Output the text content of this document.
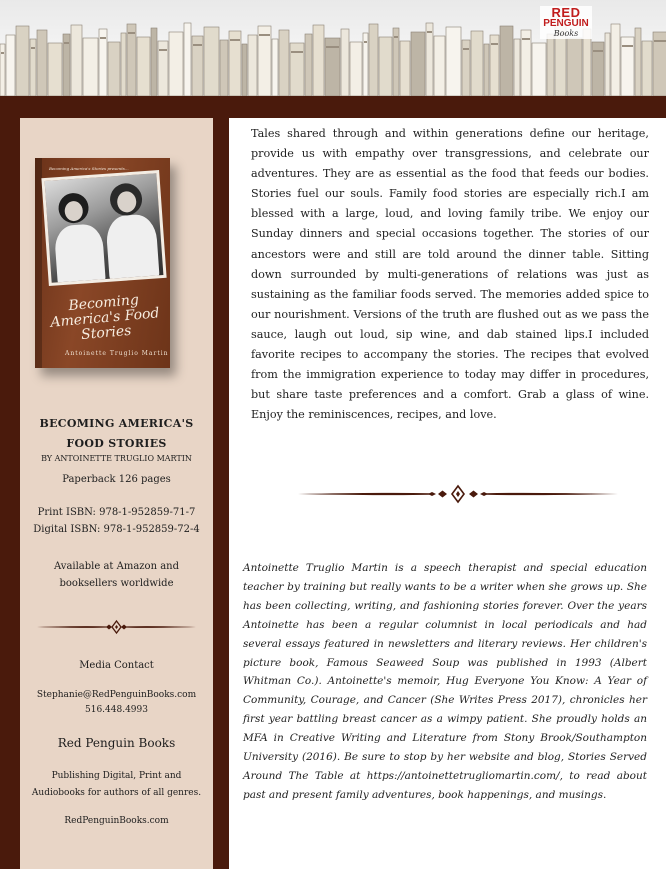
RED
PENGUIN
Books
Becoming America's Stories presents...
Becoming America's Food Stories
Antoinette Truglio Martin
BECOMING AMERICA'S FOOD STORIES
BY ANTOINETTE TRUGLIO MARTIN
Paperback 126 pages
Print ISBN: 978-1-952859-71-7
Digital ISBN: 978-1-952859-72-4
Available at Amazon and booksellers worldwide
Media Contact
Stephanie@RedPenguinBooks.com
516.448.4993
Red Penguin Books
Publishing Digital, Print and Audiobooks for authors of all genres.
RedPenguinBooks.com
Tales shared through and within generations define our heritage, provide us with empathy over transgressions, and celebrate our adventures. They are as essential as the food that feeds our bodies. Stories fuel our souls. Family food stories are especially rich.I am blessed with a large, loud, and loving family tribe. We enjoy our Sunday dinners and special occasions together. The stories of our ancestors were and still are told around the dinner table. Sitting down surrounded by multi-generations of relations was just as sustaining as the familiar foods served. The memories added spice to our nourishment. Versions of the truth are flushed out as we pass the sauce, laugh out loud, sip wine, and dab stained lips.I included favorite recipes to accompany the stories. The recipes that evolved from the immigration experience to today may differ in procedures, but share taste preferences and a comfort. Grab a glass of wine. Enjoy the reminiscences, recipes, and love.
Antoinette Truglio Martin is a speech therapist and special education teacher by training but really wants to be a writer when she grows up. She has been collecting, writing, and fashioning stories forever. Over the years Antoinette has been a regular columnist in local periodicals and had several essays featured in newsletters and literary reviews. Her children's picture book, Famous Seaweed Soup was published in 1993 (Albert Whitman Co.). Antoinette's memoir, Hug Everyone You Know: A Year of Community, Courage, and Cancer (She Writes Press 2017), chronicles her first year battling breast cancer as a wimpy patient. She proudly holds an MFA in Creative Writing and Literature from Stony Brook/Southampton University (2016). Be sure to stop by her website and blog, Stories Served Around The Table at https://antoinettetrugliomartin.com/, to read about past and present family adventures, book happenings, and musings.
